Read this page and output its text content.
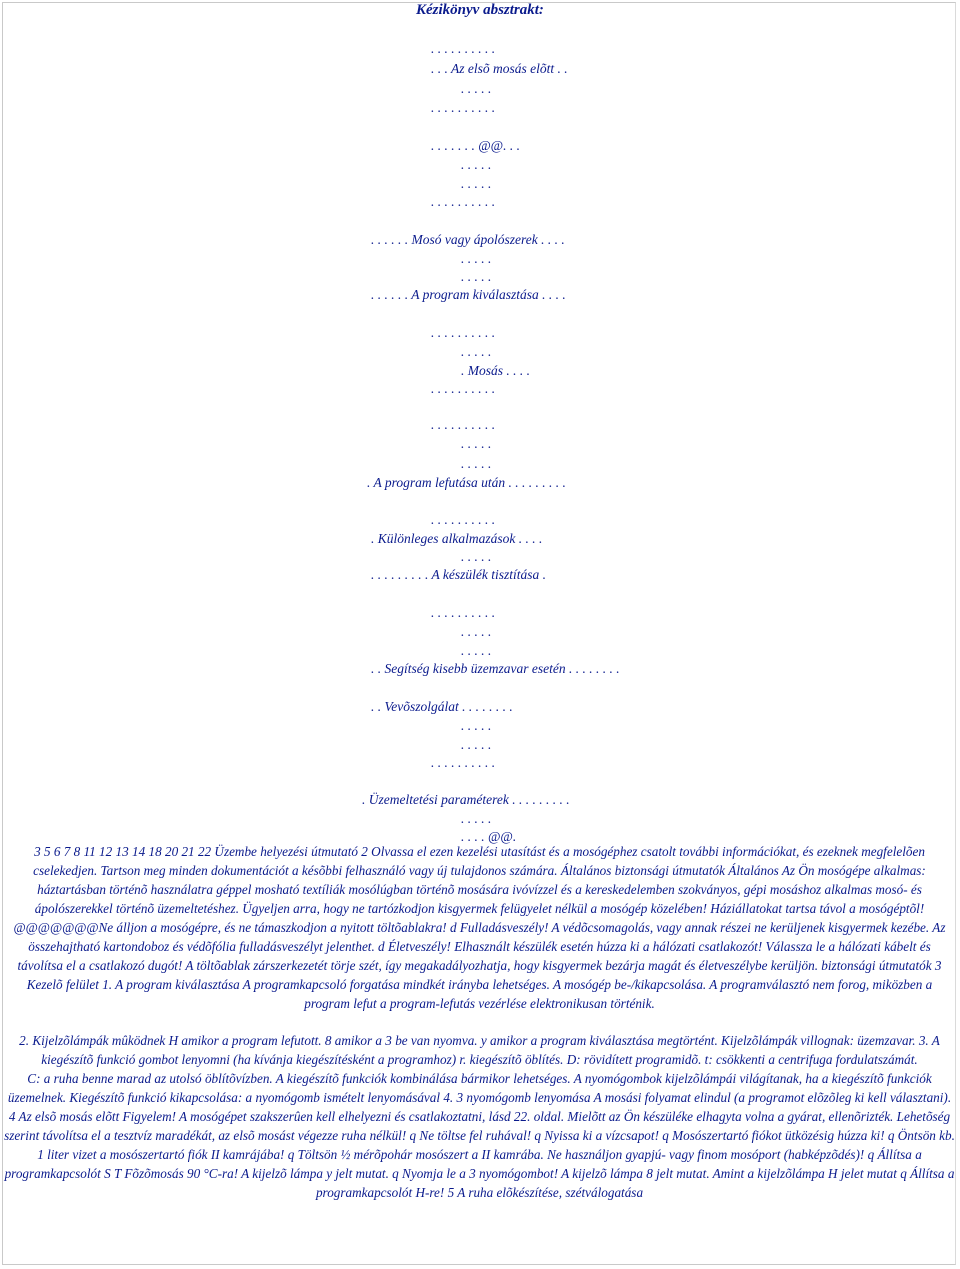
Kézikönyv absztrakt:
. . . . . . . . . .
. . . Az elsõ mosás elõtt . .
. . . . .
. . . . . . . . . .
. . . . . . . @@. . .
. . . . .
. . . . .
. . . . . . . . . .
. . . . . . Mosó vagy ápolószerek . . . .
. . . . .
. . . . .
. . . . . . A program kiválasztása . . . .
. . . . . . . . . .
. . . . .
. Mosás . . . .
. . . . . . . . . .
. . . . . . . . . .
. . . . .
. . . . .
. A program lefutása után . . . . . . . . .
. . . . . . . . . .
. Különleges alkalmazások . . . .
. . . . .
. . . . . . . . . A készülék tisztítása .
. . . . . . . . . .
. . . . .
. . . . .
. . Segítség kisebb üzemzavar esetén . . . . . . . .
. . Vevõszolgálat . . . . . . . .
. . . . .
. . . . .
. . . . . . . . . .
. Üzemeltetési paraméterek . . . . . . . . .
. . . . .
. . . . @@.

3 5 6 7 8 11 12 13 14 18 20 21 22 Üzembe helyezési útmutató 2 Olvassa el ezen kezelési utasítást és a mosógéphez csatolt további információkat, és ezeknek megfelelõen cselekedjen. Tartson meg minden dokumentációt a késõbbi felhasználó vagy új tulajdonos számára. Általános biztonsági útmutatók Általános Az Ön mosógépe alkalmas: háztartásban történõ használatra géppel mosható textíliák mosólúgban történõ mosására ivóvízzel és a kereskedelemben szokványos, gépi mosáshoz alkalmas mosó- és ápolószerekkel történõ üzemeltetéshez. Ügyeljen arra, hogy ne tartózkodjon kisgyermek felügyelet nélkül a mosógép közelében! Háziállatokat tartsa távol a mosógéptõl! @@@@@@@Ne álljon a mosógépre, és ne támaszkodjon a nyitott töltõablakra! d Fulladásveszély! A védõcsomagolás, vagy annak részei ne kerüljenek kisgyermek kezébe. Az összehajtható kartondoboz és védõfólia fulladásveszélyt jelenthet. d Életveszély! Elhasznált készülék esetén húzza ki a hálózati csatlakozót! Válassza le a hálózati kábelt és távolítsa el a csatlakozó dugót! A töltõablak zárszerkezetét törje szét, így megakadályozhatja, hogy kisgyermek bezárja magát és életveszélybe kerüljön. biztonsági útmutatók 3 Kezelõ felület 1. A program kiválasztása A programkapcsoló forgatása mindkét irányba lehetséges. A mosógép be-/kikapcsolása. A programválasztó nem forog, miközben a program lefut a program-lefutás vezérlése elektronikusan történik.

2. Kijelzõlámpák mûködnek H amikor a program lefutott. 8 amikor a 3 be van nyomva. y amikor a program kiválasztása megtörtént. Kijelzõlámpák villognak: üzemzavar. 3. A kiegészítõ funkció gombot lenyomni (ha kívánja kiegészítésként a programhoz) r. kiegészítõ öblítés. D: rövidített programidõ. t: csökkenti a centrifuga fordulatszámát.

C: a ruha benne marad az utolsó öblítõvízben. A kiegészítõ funkciók kombinálása bármikor lehetséges. A nyomógombok kijelzõlámpái világítanak, ha a kiegészítõ funkciók üzemelnek. Kiegészítõ funkció kikapcsolása: a nyomógomb ismételt lenyomásával 4. 3 nyomógomb lenyomása A mosási folyamat elindul (a programot elõzõleg ki kell választani).

4 Az elsõ mosás elõtt Figyelem! A mosógépet szakszerûen kell elhelyezni és csatlakoztatni, lásd 22. oldal. Mielõtt az Ön készüléke elhagyta volna a gyárat, ellenõrizték. Lehetõség szerint távolítsa el a tesztvíz maradékát, az elsõ mosást végezze ruha nélkül! q Ne töltse fel ruhával! q Nyissa ki a vízcsapot! q Mosószertartó fiókot ütközésig húzza ki! q Öntsön kb. 1 liter vizet a mosószertartó fiók II kamrájába! q Töltsön ½ mérõpohár mosószert a II kamrába. Ne használjon gyapjú- vagy finom mosóport (habképzõdés)! q Állítsa a programkapcsolót S T Fõzõmosás 90 °C-ra! A kijelzõ lámpa y jelt mutat. q Nyomja le a 3 nyomógombot! A kijelzõ lámpa 8 jelt mutat. Amint a kijelzõlámpa H jelet mutat q Állítsa a programkapcsolót H-re! 5 A ruha elõkészítése, szétválogatása
